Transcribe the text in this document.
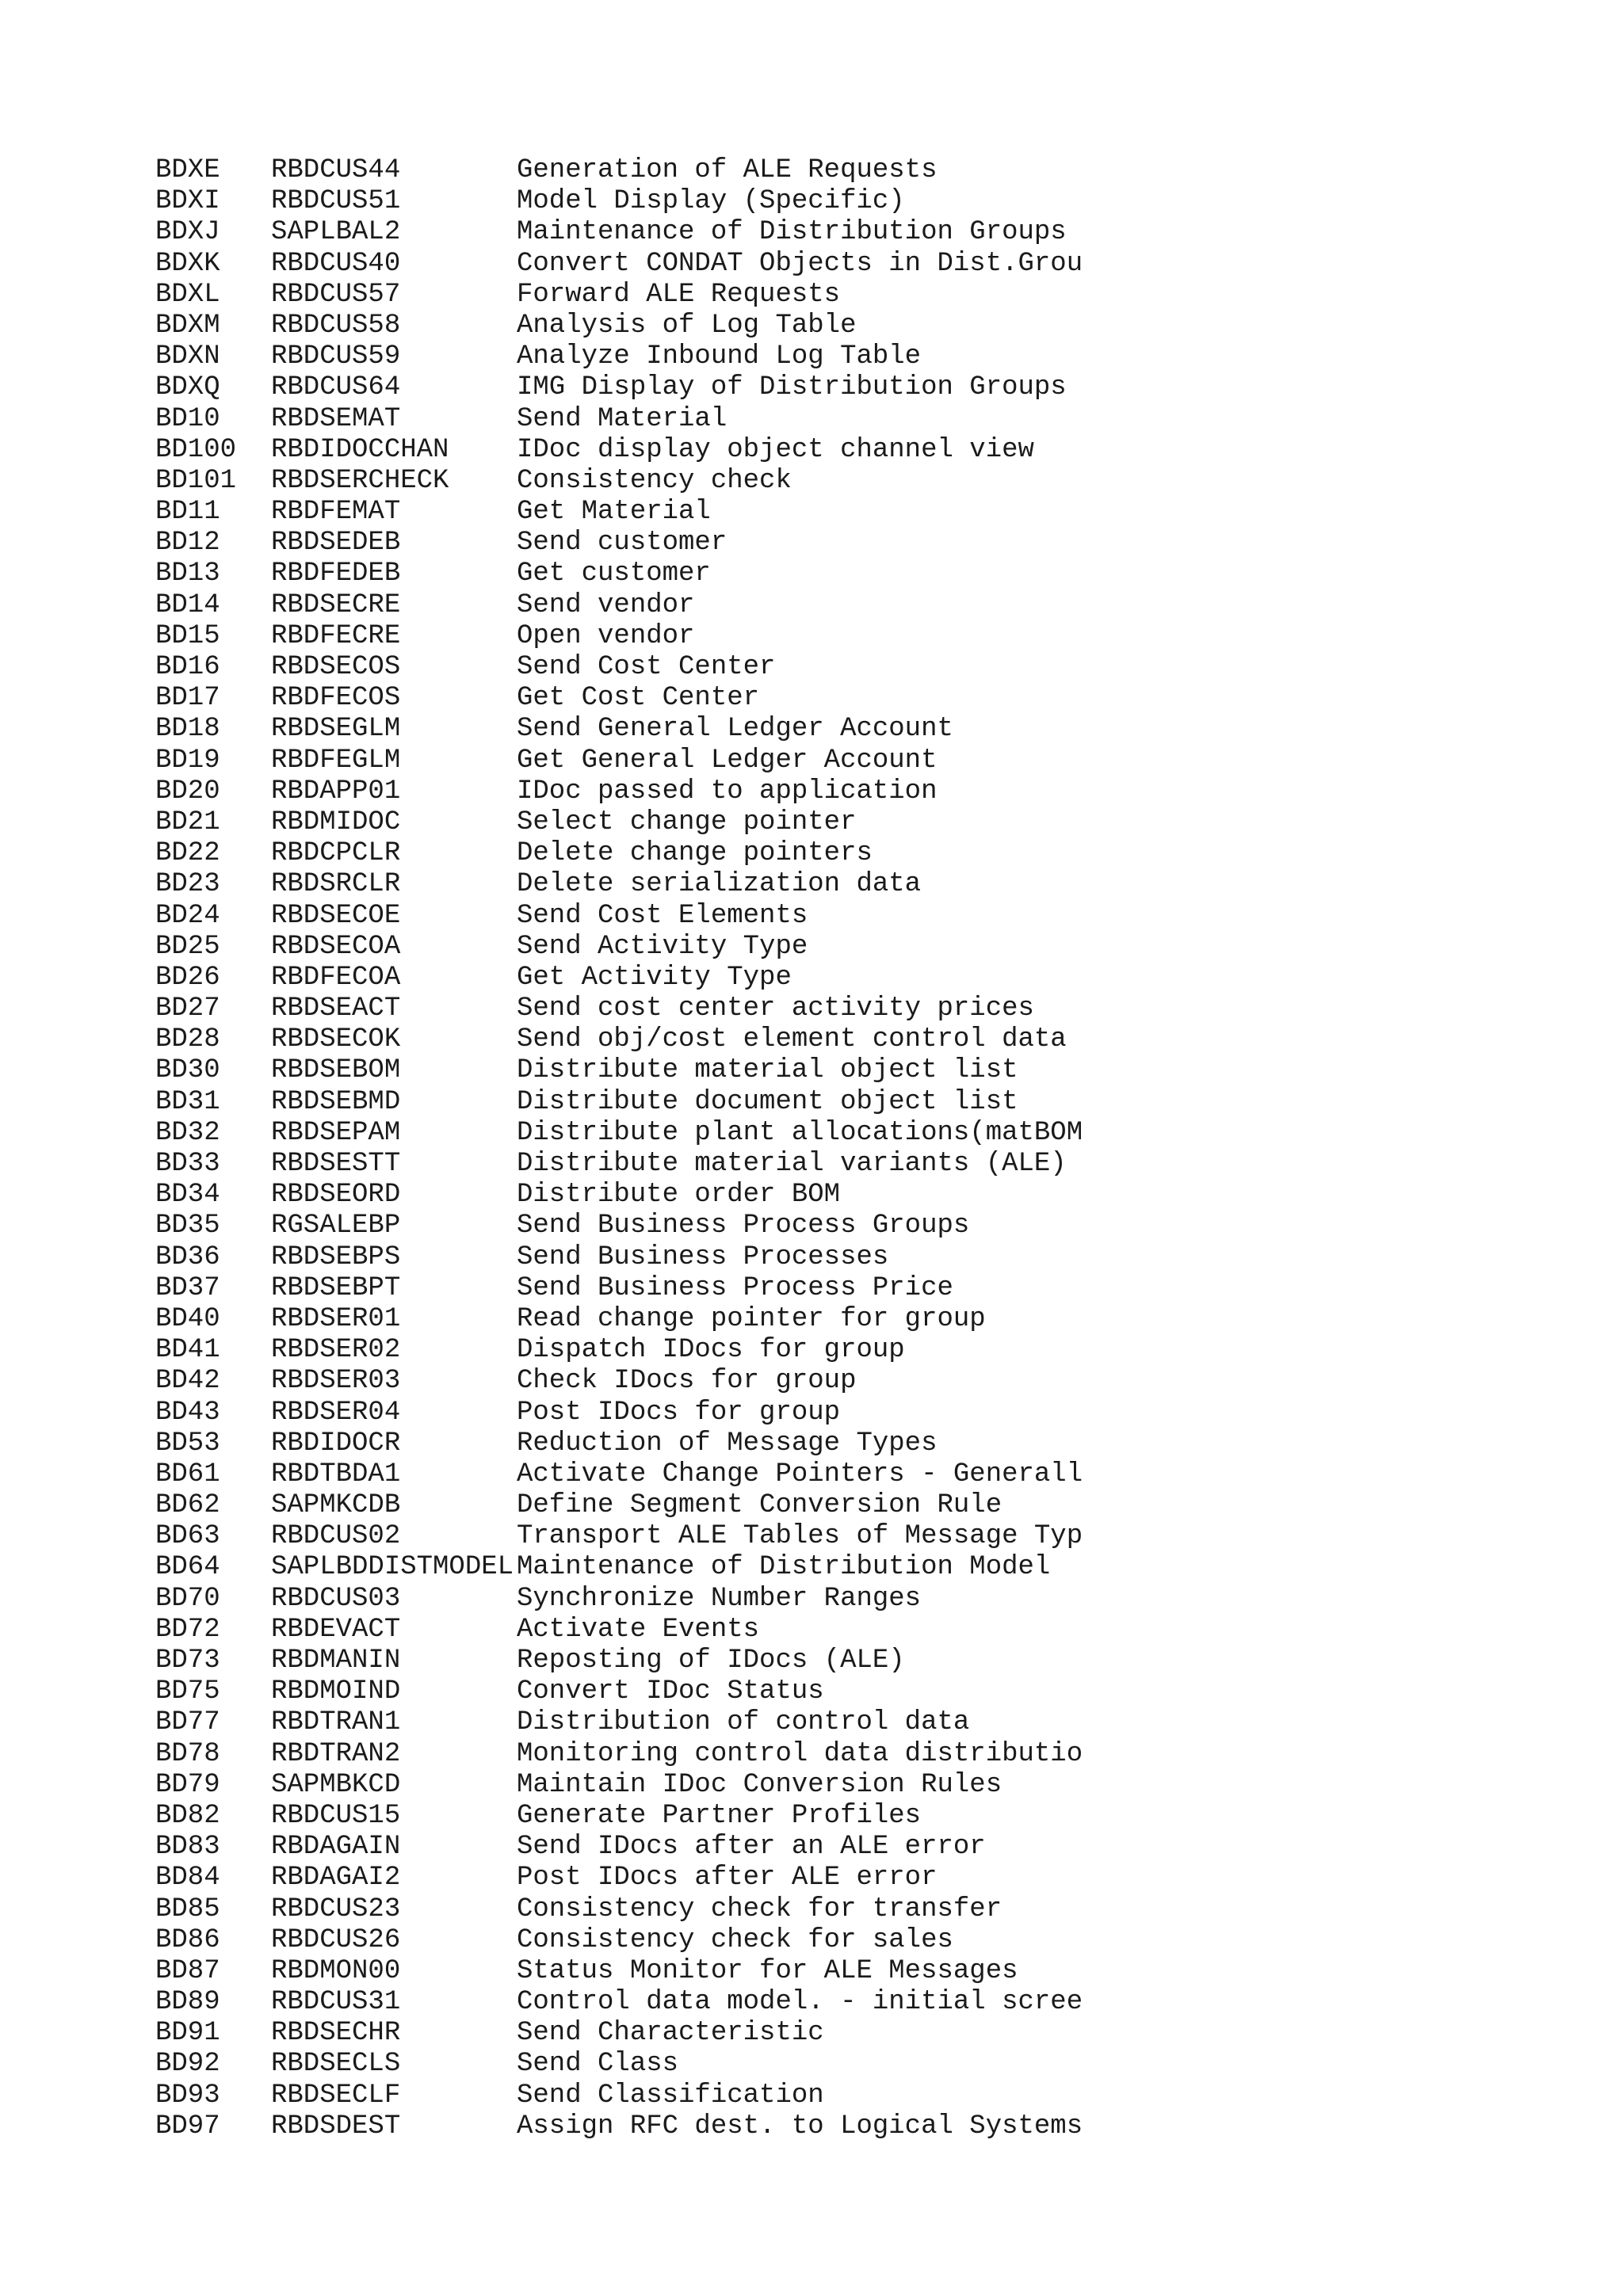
BDXE RBDCUS44	Generation of ALE Requests
BDXI RBDCUS51	Model Display (Specific)
BDXJ SAPLBAL2	Maintenance of Distribution Groups
BDXK RBDCUS40	Convert CONDAT Objects in Dist.Grou
BDXL RBDCUS57	Forward ALE Requests
BDXM RBDCUS58	Analysis of Log Table
BDXN RBDCUS59	Analyze Inbound Log Table
BDXQ RBDCUS64	IMG Display of Distribution Groups
BD10 RBDSEMAT	Send Material
BD100 RBDIDOCCHAN	IDoc display object channel view
BD101 RBDSERCHECK	Consistency check
BD11 RBDFEMAT	Get Material
BD12 RBDSEDEB	Send customer
BD13 RBDFEDEB	Get customer
BD14 RBDSECRE	Send vendor
BD15 RBDFECRE	Open vendor
BD16 RBDSECOS	Send Cost Center
BD17 RBDFECOS	Get Cost Center
BD18 RBDSEGLM	Send General Ledger Account
BD19 RBDFEGLM	Get General Ledger Account
BD20 RBDAPP01	IDoc passed to application
BD21 RBDMIDOC	Select change pointer
BD22 RBDCPCLR	Delete change pointers
BD23 RBDSRCLR	Delete serialization data
BD24 RBDSECOE	Send Cost Elements
BD25 RBDSECOA	Send Activity Type
BD26 RBDFECOA	Get Activity Type
BD27 RBDSEACT	Send cost center activity prices
BD28 RBDSECOK	Send obj/cost element control data
BD30 RBDSEBOM	Distribute material object list
BD31 RBDSEBMD	Distribute document object list
BD32 RBDSEPAM	Distribute plant allocations(matBOM
BD33 RBDSESTT	Distribute material variants (ALE)
BD34 RBDSEORD	Distribute order BOM
BD35 RGSALEBP	Send Business Process Groups
BD36 RBDSEBPS	Send Business Processes
BD37 RBDSEBPT	Send Business Process Price
BD40 RBDSER01	Read change pointer for group
BD41 RBDSER02	Dispatch IDocs for group
BD42 RBDSER03	Check IDocs for group
BD43 RBDSER04	Post IDocs for group
BD53 RBDIDOCR	Reduction of Message Types
BD61 RBDTBDA1	Activate Change Pointers - Generall
BD62 SAPMKCDB	Define Segment Conversion Rule
BD63 RBDCUS02	Transport ALE Tables of Message Typ
BD64 SAPLBDDISTMODEL Maintenance of Distribution Model
BD70 RBDCUS03	Synchronize Number Ranges
BD72 RBDEVACT	Activate Events
BD73 RBDMANIN	Reposting of IDocs (ALE)
BD75 RBDMOIND	Convert IDoc Status
BD77 RBDTRAN1	Distribution of control data
BD78 RBDTRAN2	Monitoring control data distributio
BD79 SAPMBKCD	Maintain IDoc Conversion Rules
BD82 RBDCUS15	Generate Partner Profiles
BD83 RBDAGAIN	Send IDocs after an ALE error
BD84 RBDAGAI2	Post IDocs after ALE error
BD85 RBDCUS23	Consistency check for transfer
BD86 RBDCUS26	Consistency check for sales
BD87 RBDMON00	Status Monitor for ALE Messages
BD89 RBDCUS31	Control data model. - initial scree
BD91 RBDSECHR	Send Characteristic
BD92 RBDSECLS	Send Class
BD93 RBDSECLF	Send Classification
BD97 RBDSDEST	Assign RFC dest. to Logical Systems
